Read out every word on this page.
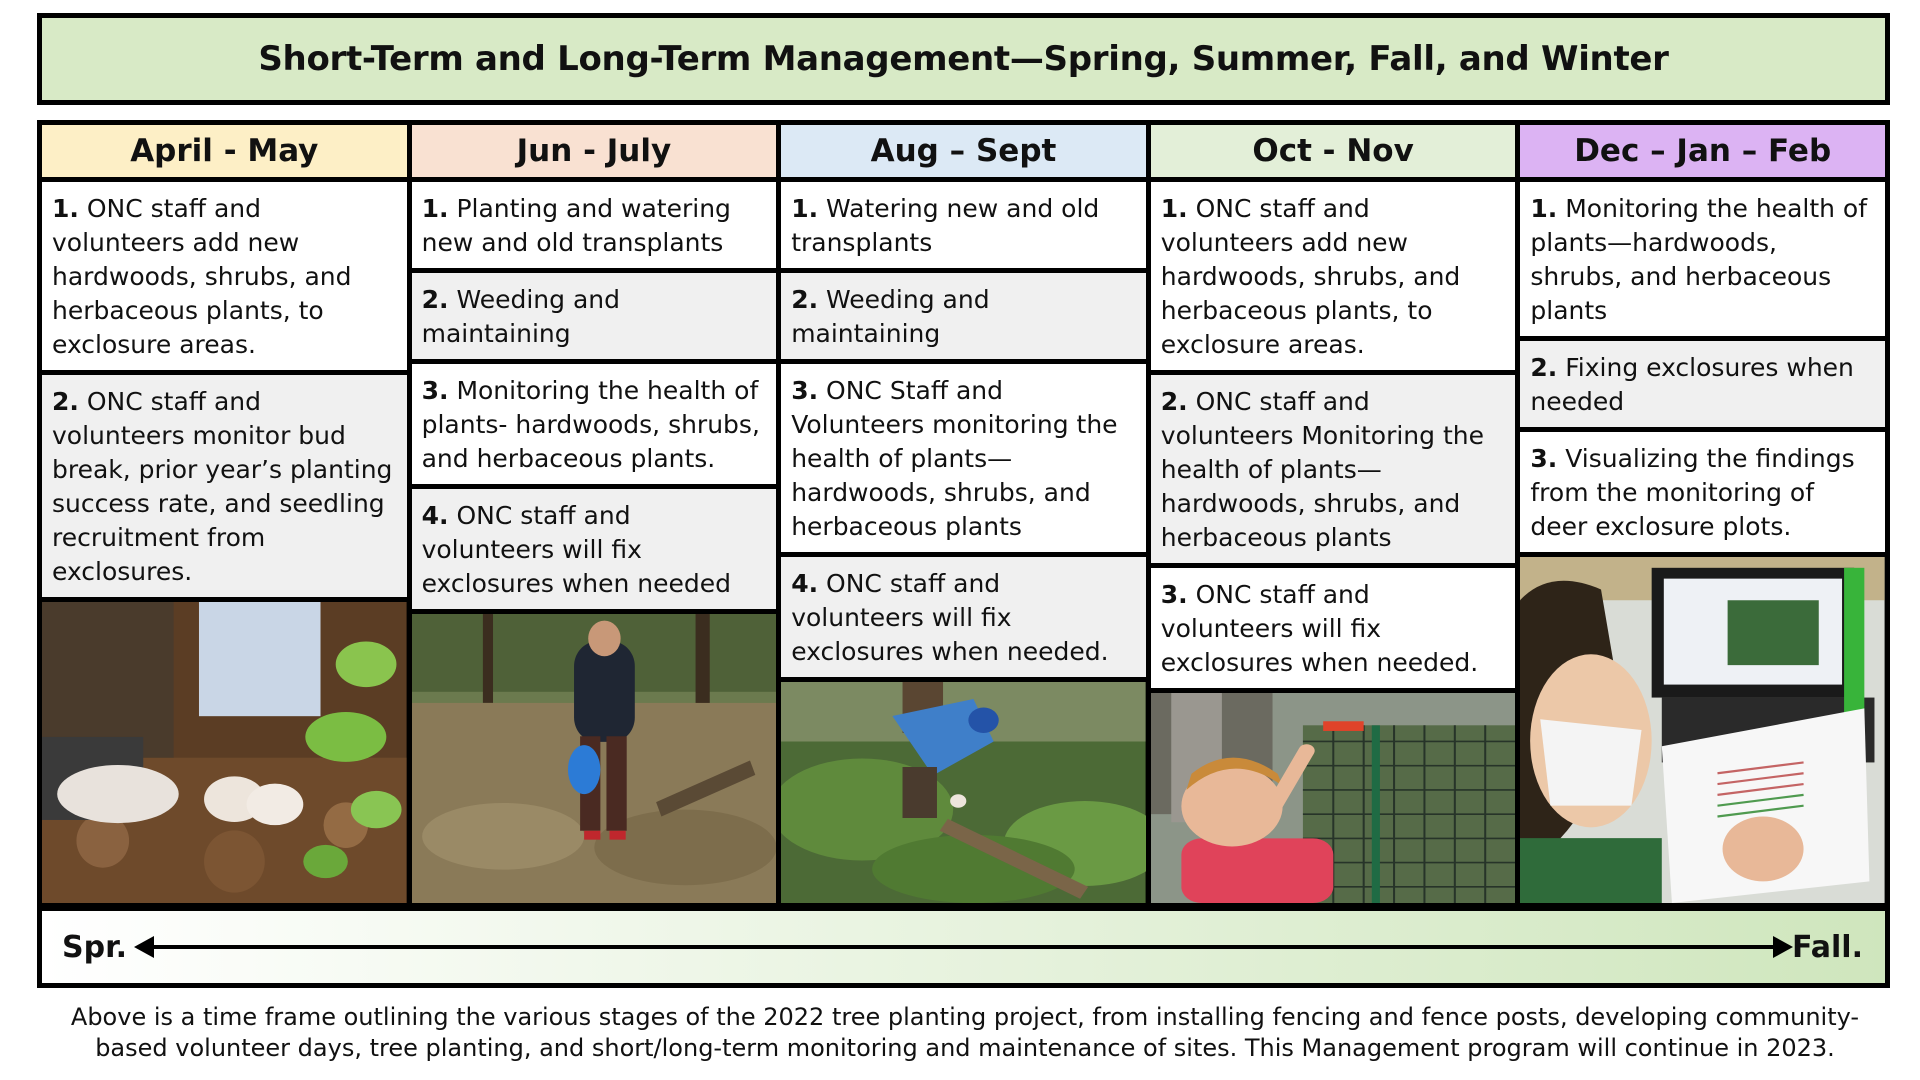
Short-Term and Long-Term Management—Spring, Summer, Fall, and Winter
April - May
1. ONC staff and volunteers add new hardwoods, shrubs, and herbaceous plants, to exclosure areas.
2. ONC staff and volunteers monitor bud break, prior year’s planting success rate, and seedling recruitment from exclosures.
Jun - July
1. Planting and watering new and old transplants
2. Weeding and maintaining
3. Monitoring the health of plants- hardwoods, shrubs, and herbaceous plants.
4. ONC staff and volunteers will fix exclosures when needed
Aug – Sept
1. Watering new and old transplants
2. Weeding and maintaining
3. ONC Staff and Volunteers monitoring the health of plants—hardwoods, shrubs, and herbaceous plants
4. ONC staff and volunteers will fix exclosures when needed.
Oct - Nov
1. ONC staff and volunteers add new hardwoods, shrubs, and herbaceous plants, to exclosure areas.
2. ONC staff and volunteers Monitoring the health of plants—hardwoods, shrubs, and herbaceous plants
3. ONC staff and volunteers will fix exclosures when needed.
Dec – Jan – Feb
1. Monitoring the health of plants—hardwoods, shrubs, and herbaceous plants
2. Fixing exclosures when needed
3. Visualizing the findings from the monitoring of deer exclosure plots.
Spr.	Fall.

Above is a time frame outlining the various stages of the 2022 tree planting project, from installing fencing and fence posts, developing community-based volunteer days, tree planting, and short/long-term monitoring and maintenance of sites. This Management program will continue in 2023.
